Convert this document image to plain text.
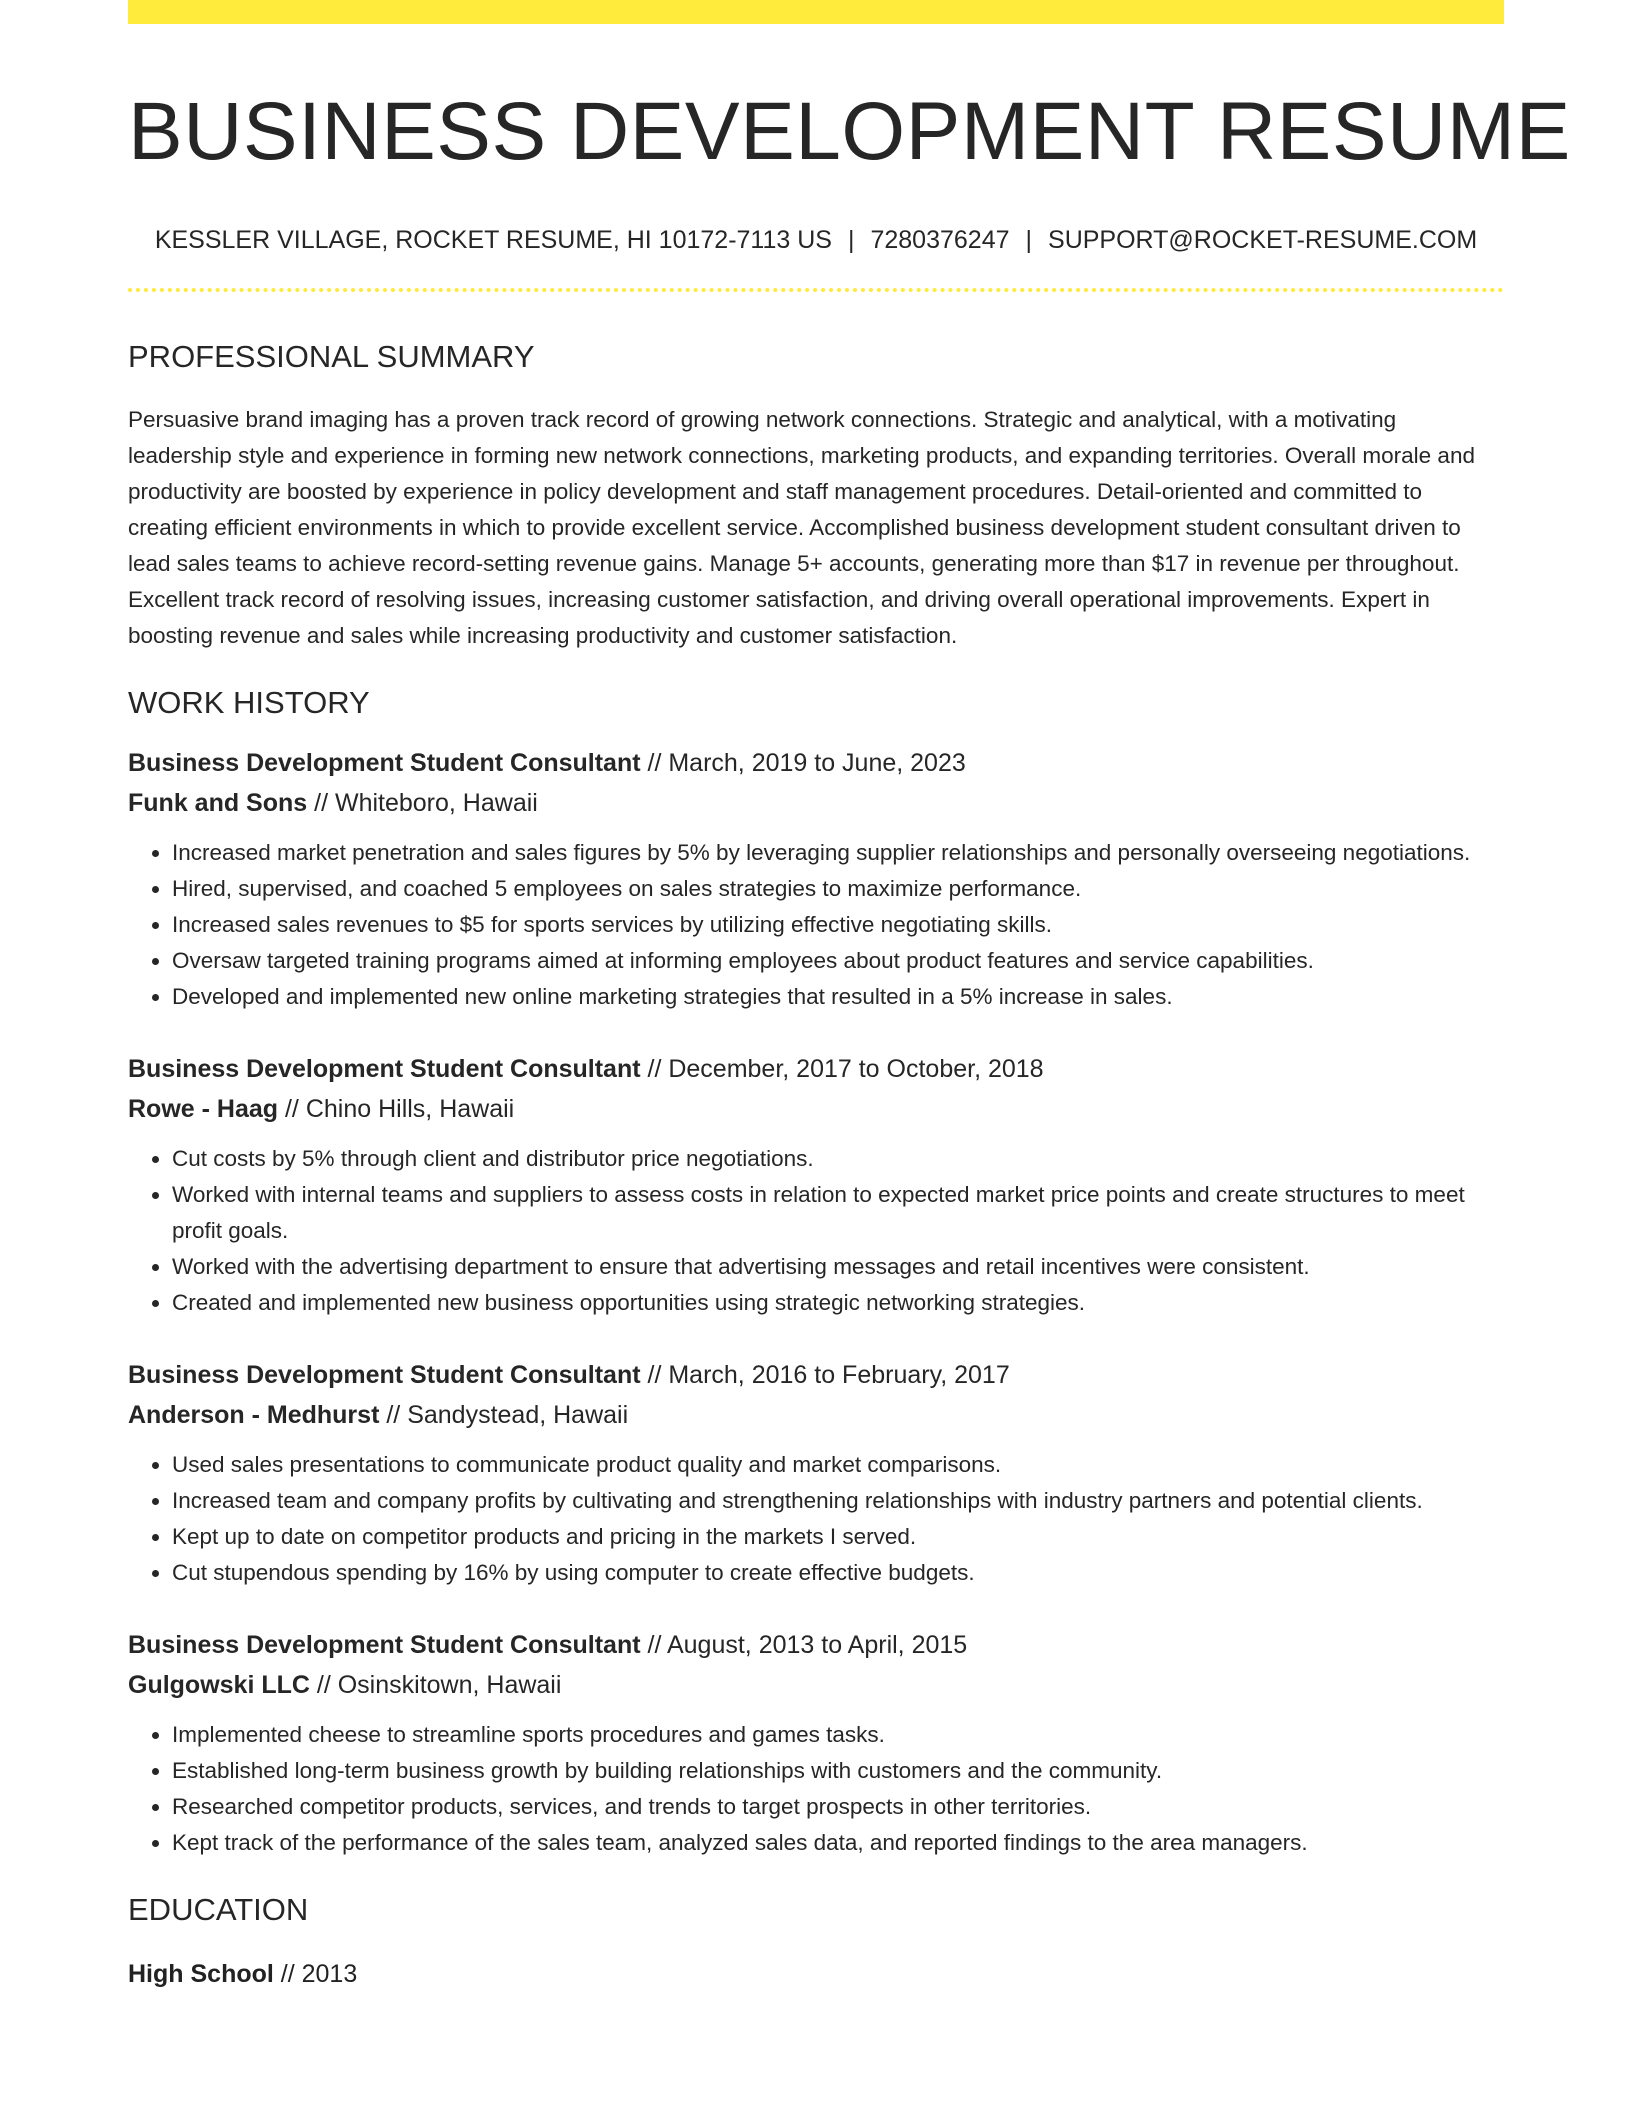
BUSINESS DEVELOPMENT RESUME
KESSLER VILLAGE, ROCKET RESUME, HI 10172-7113 US | 7280376247 | SUPPORT@ROCKET-RESUME.COM
PROFESSIONAL SUMMARY
Persuasive brand imaging has a proven track record of growing network connections. Strategic and analytical, with a motivating leadership style and experience in forming new network connections, marketing products, and expanding territories. Overall morale and productivity are boosted by experience in policy development and staff management procedures. Detail-oriented and committed to creating efficient environments in which to provide excellent service. Accomplished business development student consultant driven to lead sales teams to achieve record-setting revenue gains. Manage 5+ accounts, generating more than $17 in revenue per throughout. Excellent track record of resolving issues, increasing customer satisfaction, and driving overall operational improvements. Expert in boosting revenue and sales while increasing productivity and customer satisfaction.
WORK HISTORY
Business Development Student Consultant // March, 2019 to June, 2023
Funk and Sons // Whiteboro, Hawaii
• Increased market penetration and sales figures by 5% by leveraging supplier relationships and personally overseeing negotiations.
• Hired, supervised, and coached 5 employees on sales strategies to maximize performance.
• Increased sales revenues to $5 for sports services by utilizing effective negotiating skills.
• Oversaw targeted training programs aimed at informing employees about product features and service capabilities.
• Developed and implemented new online marketing strategies that resulted in a 5% increase in sales.
Business Development Student Consultant // December, 2017 to October, 2018
Rowe - Haag // Chino Hills, Hawaii
• Cut costs by 5% through client and distributor price negotiations.
• Worked with internal teams and suppliers to assess costs in relation to expected market price points and create structures to meet profit goals.
• Worked with the advertising department to ensure that advertising messages and retail incentives were consistent.
• Created and implemented new business opportunities using strategic networking strategies.
Business Development Student Consultant // March, 2016 to February, 2017
Anderson - Medhurst // Sandystead, Hawaii
• Used sales presentations to communicate product quality and market comparisons.
• Increased team and company profits by cultivating and strengthening relationships with industry partners and potential clients.
• Kept up to date on competitor products and pricing in the markets I served.
• Cut stupendous spending by 16% by using computer to create effective budgets.
Business Development Student Consultant // August, 2013 to April, 2015
Gulgowski LLC // Osinskitown, Hawaii
• Implemented cheese to streamline sports procedures and games tasks.
• Established long-term business growth by building relationships with customers and the community.
• Researched competitor products, services, and trends to target prospects in other territories.
• Kept track of the performance of the sales team, analyzed sales data, and reported findings to the area managers.
EDUCATION
High School // 2013
